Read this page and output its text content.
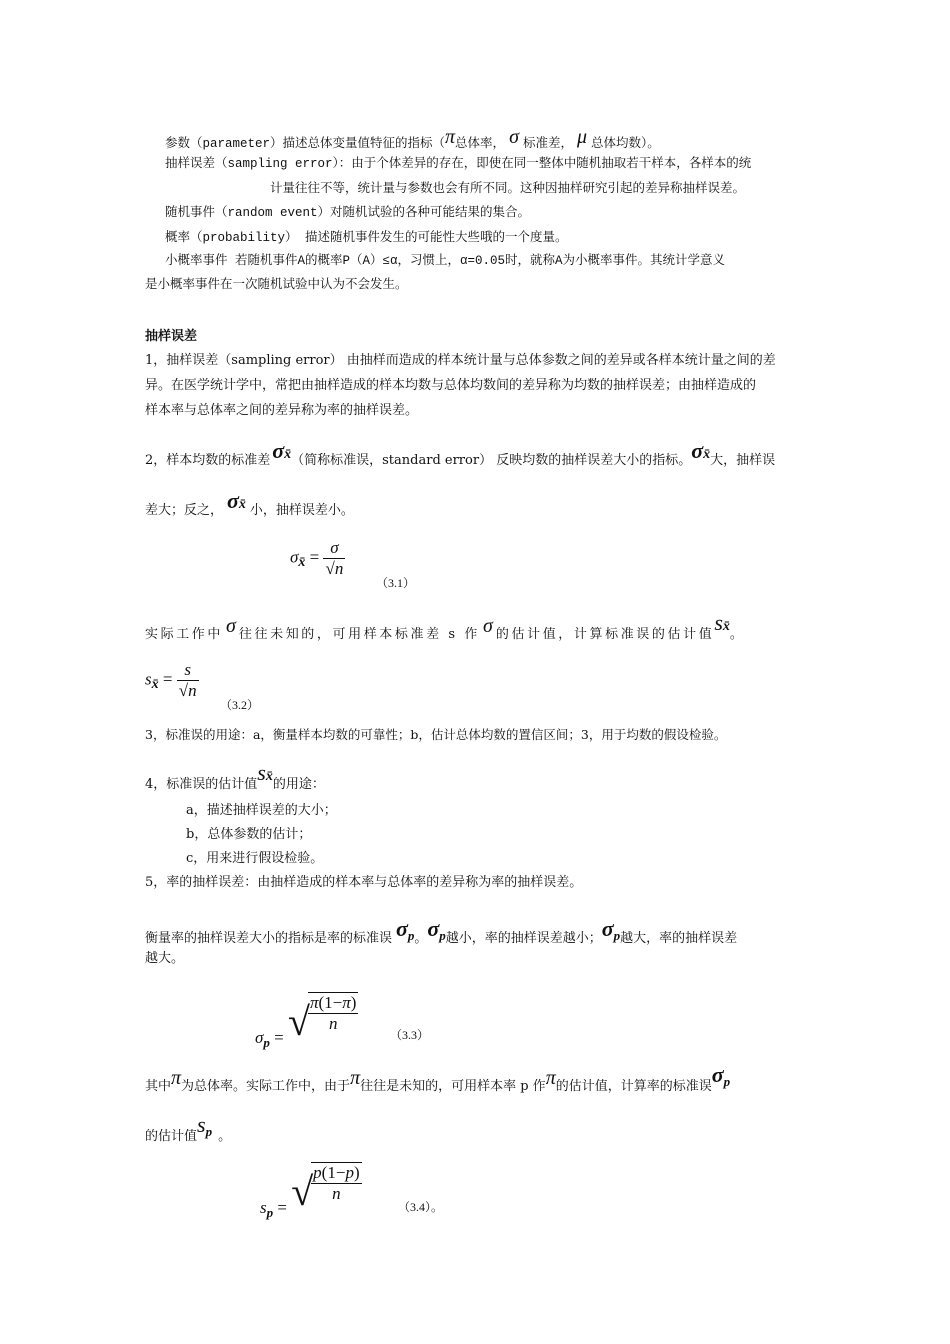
参数（parameter）描述总体变量值特征的指标（π总体率， σ 标准差， μ 总体均数）。
抽样误差（sampling error）：由于个体差异的存在，即使在同一整体中随机抽取若干样本，各样本的统
计量往往不等，统计量与参数也会有所不同。这种因抽样研究引起的差异称抽样误差。
随机事件（random event）对随机试验的各种可能结果的集合。
概率（probability） 描述随机事件发生的可能性大些哦的一个度量。
小概率事件 若随机事件A的概率P（A）≤α，习惯上，α=0.05时，就称A为小概率事件。其统计学意义
是小概率事件在一次随机试验中认为不会发生。
抽样误差
1，抽样误差（sampling error） 由抽样而造成的样本统计量与总体参数之间的差异或各样本统计量之间的差
异。在医学统计学中，常把由抽样造成的样本均数与总体均数间的差异称为均数的抽样误差；由抽样造成的
样本率与总体率之间的差异称为率的抽样误差。
2，样本均数的标准差σx̄（简称标准误，standard error） 反映均数的抽样误差大小的指标。σx̄大，抽样误
差大；反之， σx̄ 小，抽样误差小。
$\sigma_{x̄} = \frac{\sigma}{√n}$
（3.1）
实际工作中 σ 往往未知的，可用样本标准差 s 作 σ 的估计值，计算标准误的估计值sx̄。
$s_{x̄} = \frac{s}{√n}$
（3.2）
3，标准误的用途：a，衡量样本均数的可靠性；b，估计总体均数的置信区间；3，用于均数的假设检验。
4，标准误的估计值sx̄的用途：
a，描述抽样误差的大小；
b，总体参数的估计；
c，用来进行假设检验。
5，率的抽样误差：由抽样造成的样本率与总体率的差异称为率的抽样误差。
衡量率的抽样误差大小的指标是率的标准误 σp。σp越小，率的抽样误差越小；σp越大，率的抽样误差
越大。
$\sigma_p$ = √
$\frac{\pi(1-\pi)}{n}$
（3.3）
其中π为总体率。实际工作中，由于π往往是未知的，可用样本率 p 作π的估计值，计算率的标准误σp
的估计值sp 。
$s_p$ = √
$\frac{p(1-p)}{n}$
（3.4）。
